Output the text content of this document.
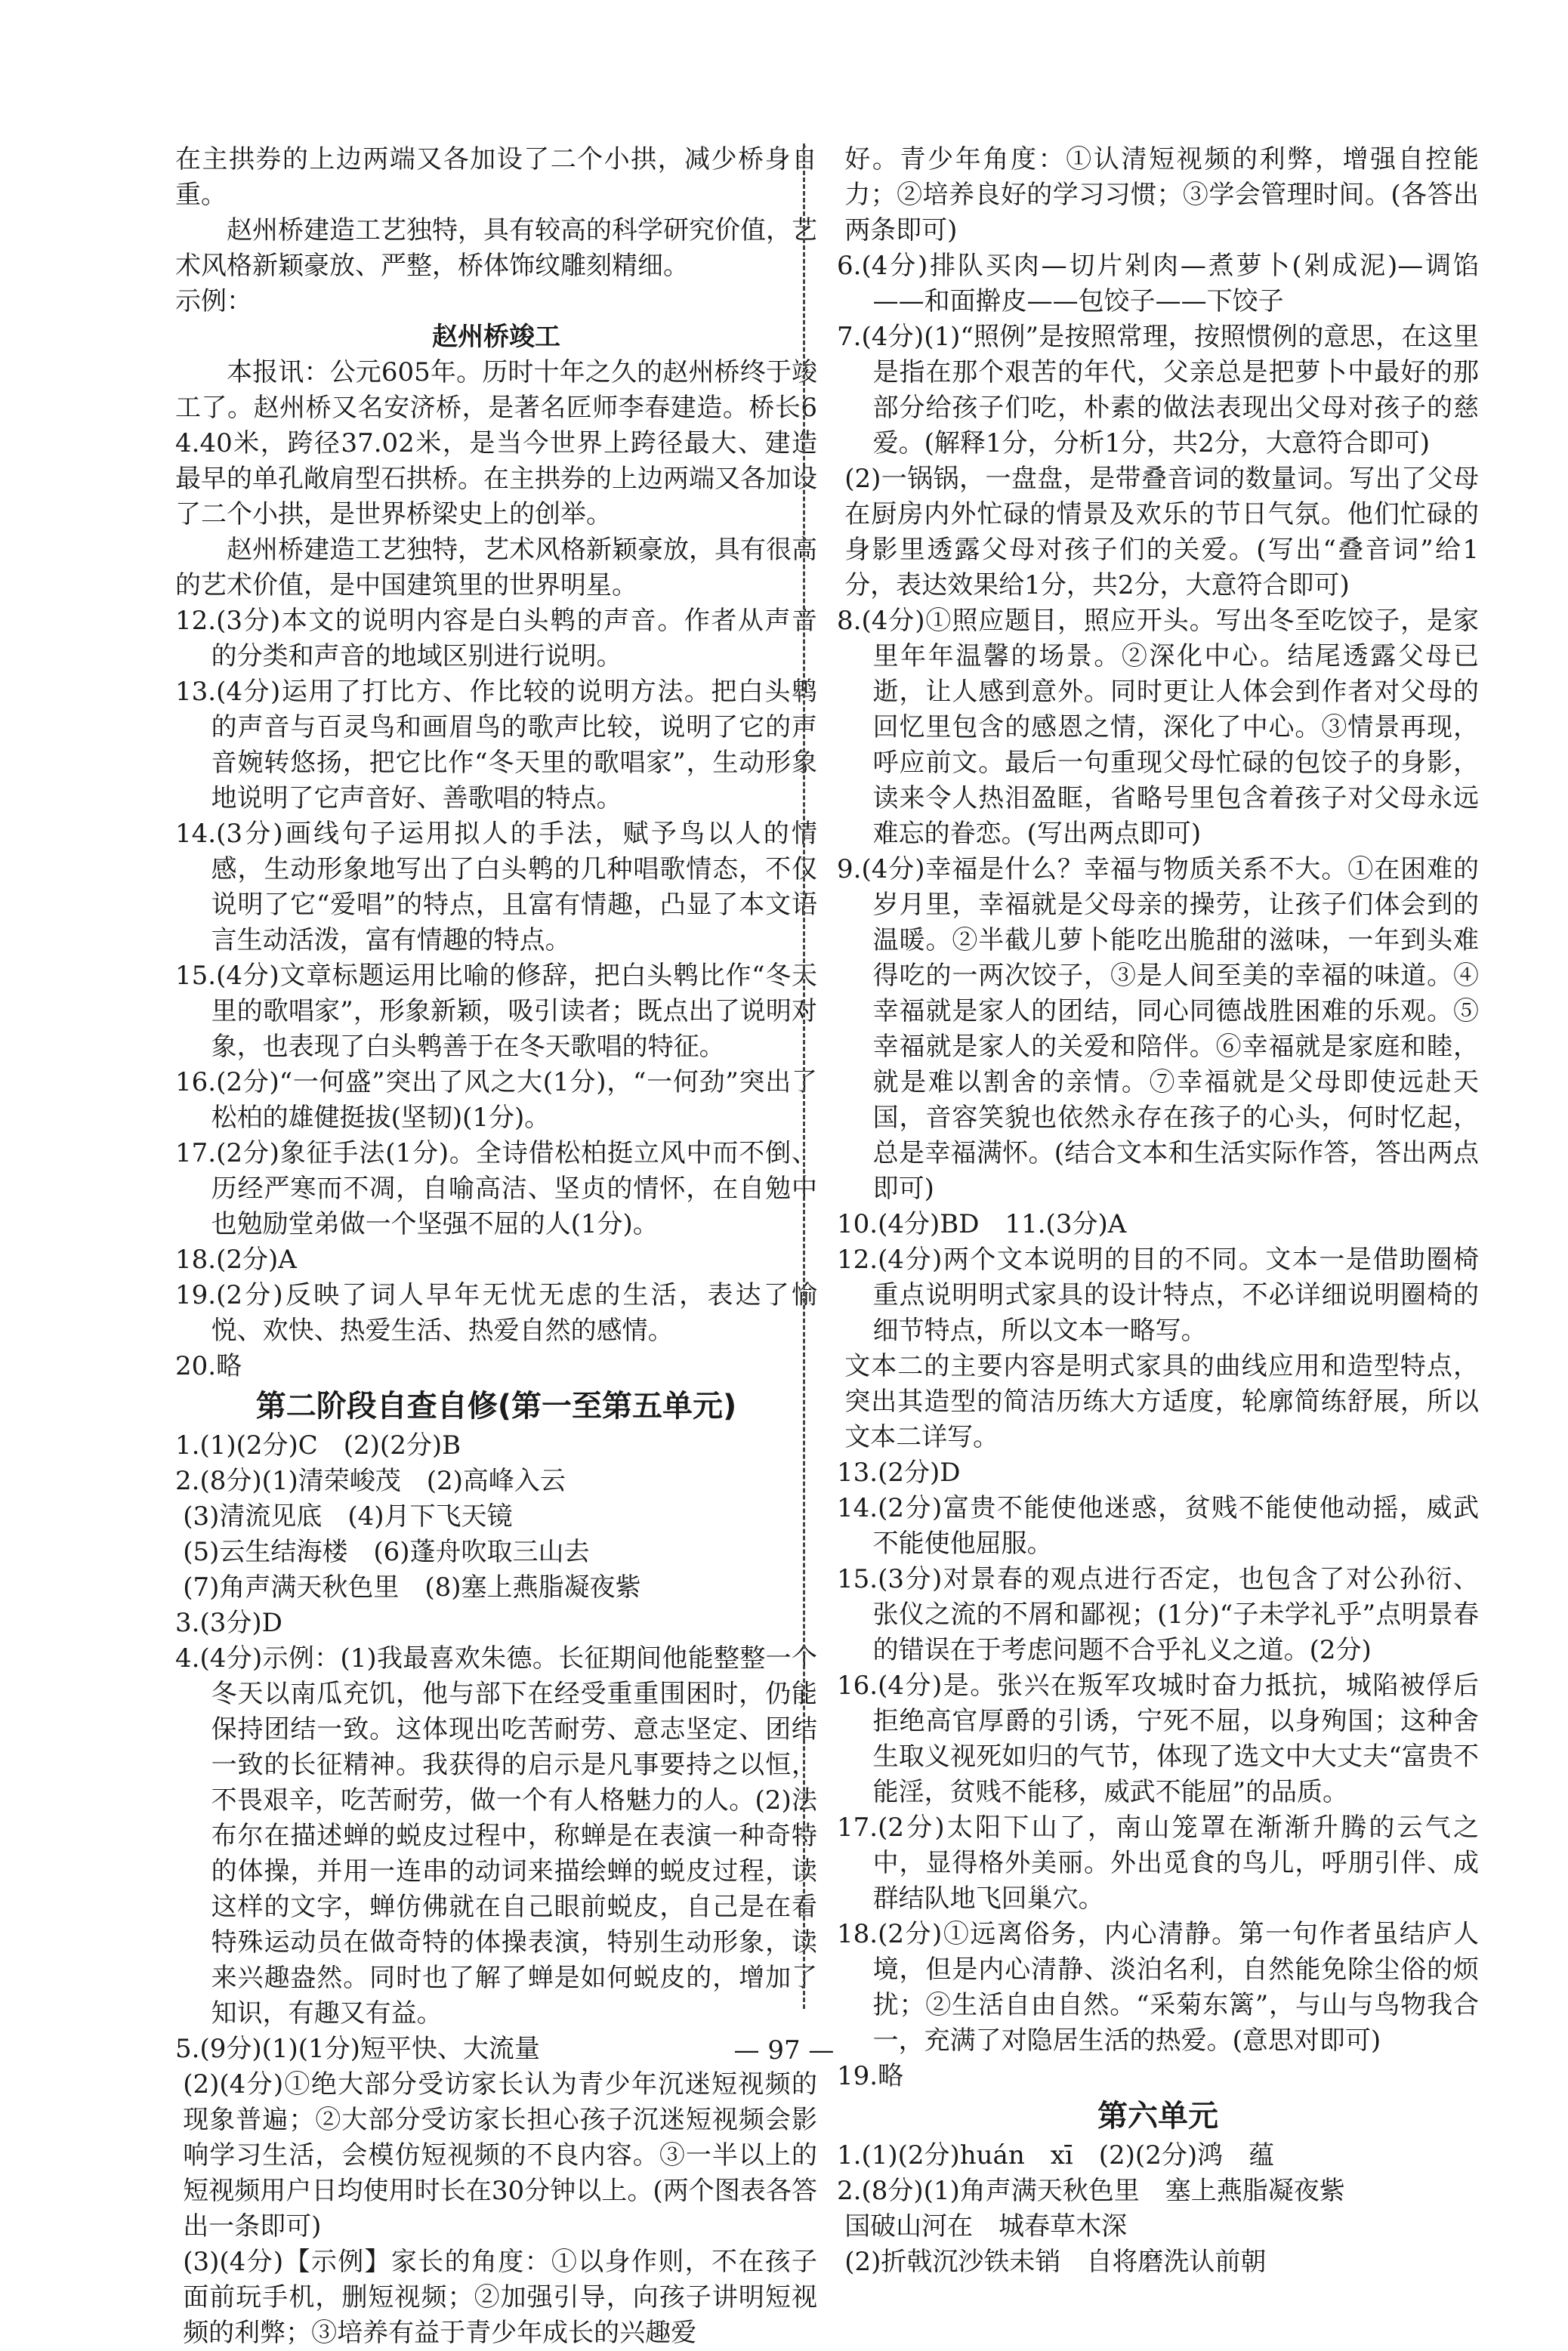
在主拱券的上边两端又各加设了二个小拱，减少桥身自重。

赵州桥建造工艺独特，具有较高的科学研究价值，艺术风格新颖豪放、严整，桥体饰纹雕刻精细。

示例：

赵州桥竣工

本报讯：公元605年。历时十年之久的赵州桥终于竣工了。赵州桥又名安济桥，是著名匠师李春建造。桥长64.40米，跨径37.02米，是当今世界上跨径最大、建造最早的单孔敞肩型石拱桥。在主拱券的上边两端又各加设了二个小拱，是世界桥梁史上的创举。

赵州桥建造工艺独特，艺术风格新颖豪放，具有很高的艺术价值，是中国建筑里的世界明星。

12.(3分)本文的说明内容是白头鹎的声音。作者从声音的分类和声音的地域区别进行说明。

13.(4分)运用了打比方、作比较的说明方法。把白头鹎的声音与百灵鸟和画眉鸟的歌声比较，说明了它的声音婉转悠扬，把它比作“冬天里的歌唱家”，生动形象地说明了它声音好、善歌唱的特点。

14.(3分)画线句子运用拟人的手法，赋予鸟以人的情感，生动形象地写出了白头鹎的几种唱歌情态，不仅说明了它“爱唱”的特点，且富有情趣，凸显了本文语言生动活泼，富有情趣的特点。

15.(4分)文章标题运用比喻的修辞，把白头鹎比作“冬天里的歌唱家”，形象新颖，吸引读者；既点出了说明对象，也表现了白头鹎善于在冬天歌唱的特征。

16.(2分)“一何盛”突出了风之大(1分)，“一何劲”突出了松柏的雄健挺拔(坚韧)(1分)。

17.(2分)象征手法(1分)。全诗借松柏挺立风中而不倒、历经严寒而不凋，自喻高洁、坚贞的情怀，在自勉中也勉励堂弟做一个坚强不屈的人(1分)。

18.(2分)A

19.(2分)反映了词人早年无忧无虑的生活，表达了愉悦、欢快、热爱生活、热爱自然的感情。

20.略

第二阶段自查自修(第一至第五单元)

1.(1)(2分)C　(2)(2分)B

2.(8分)(1)清荣峻茂　(2)高峰入云

(3)清流见底　(4)月下飞天镜

(5)云生结海楼　(6)蓬舟吹取三山去

(7)角声满天秋色里　(8)塞上燕脂凝夜紫

3.(3分)D

4.(4分)示例：(1)我最喜欢朱德。长征期间他能整整一个冬天以南瓜充饥，他与部下在经受重重围困时，仍能保持团结一致。这体现出吃苦耐劳、意志坚定、团结一致的长征精神。我获得的启示是凡事要持之以恒，不畏艰辛，吃苦耐劳，做一个有人格魅力的人。(2)法布尔在描述蝉的蜕皮过程中，称蝉是在表演一种奇特的体操，并用一连串的动词来描绘蝉的蜕皮过程，读这样的文字，蝉仿佛就在自己眼前蜕皮，自己是在看特殊运动员在做奇特的体操表演，特别生动形象，读来兴趣盎然。同时也了解了蝉是如何蜕皮的，增加了知识，有趣又有益。

5.(9分)(1)(1分)短平快、大流量

(2)(4分)①绝大部分受访家长认为青少年沉迷短视频的现象普遍；②大部分受访家长担心孩子沉迷短视频会影响学习生活，会模仿短视频的不良内容。③一半以上的短视频用户日均使用时长在30分钟以上。(两个图表各答出一条即可)

(3)(4分)【示例】家长的角度：①以身作则，不在孩子面前玩手机，删短视频；②加强引导，向孩子讲明短视频的利弊；③培养有益于青少年成长的兴趣爱

好。青少年角度：①认清短视频的利弊，增强自控能力；②培养良好的学习习惯；③学会管理时间。(各答出两条即可)

6.(4分)排队买肉—切片剁肉—煮萝卜(剁成泥)—调馅——和面擀皮——包饺子——下饺子

7.(4分)(1)“照例”是按照常理，按照惯例的意思，在这里是指在那个艰苦的年代，父亲总是把萝卜中最好的那部分给孩子们吃，朴素的做法表现出父母对孩子的慈爱。(解释1分，分析1分，共2分，大意符合即可)

(2)一锅锅，一盘盘，是带叠音词的数量词。写出了父母在厨房内外忙碌的情景及欢乐的节日气氛。他们忙碌的身影里透露父母对孩子们的关爱。(写出“叠音词”给1分，表达效果给1分，共2分，大意符合即可)

8.(4分)①照应题目，照应开头。写出冬至吃饺子，是家里年年温馨的场景。②深化中心。结尾透露父母已逝，让人感到意外。同时更让人体会到作者对父母的回忆里包含的感恩之情，深化了中心。③情景再现，呼应前文。最后一句重现父母忙碌的包饺子的身影，读来令人热泪盈眶，省略号里包含着孩子对父母永远难忘的眷恋。(写出两点即可)

9.(4分)幸福是什么？幸福与物质关系不大。①在困难的岁月里，幸福就是父母亲的操劳，让孩子们体会到的温暖。②半截儿萝卜能吃出脆甜的滋味，一年到头难得吃的一两次饺子，③是人间至美的幸福的味道。④幸福就是家人的团结，同心同德战胜困难的乐观。⑤幸福就是家人的关爱和陪伴。⑥幸福就是家庭和睦，就是难以割舍的亲情。⑦幸福就是父母即使远赴天国，音容笑貌也依然永存在孩子的心头，何时忆起，总是幸福满怀。(结合文本和生活实际作答，答出两点即可)

10.(4分)BD　11.(3分)A

12.(4分)两个文本说明的目的不同。文本一是借助圈椅重点说明明式家具的设计特点，不必详细说明圈椅的细节特点，所以文本一略写。

文本二的主要内容是明式家具的曲线应用和造型特点，突出其造型的简洁历练大方适度，轮廓简练舒展，所以文本二详写。

13.(2分)D

14.(2分)富贵不能使他迷惑，贫贱不能使他动摇，威武不能使他屈服。

15.(3分)对景春的观点进行否定，也包含了对公孙衍、张仪之流的不屑和鄙视；(1分)“子未学礼乎”点明景春的错误在于考虑问题不合乎礼义之道。(2分)

16.(4分)是。张兴在叛军攻城时奋力抵抗，城陷被俘后拒绝高官厚爵的引诱，宁死不屈，以身殉国；这种舍生取义视死如归的气节，体现了选文中大丈夫“富贵不能淫，贫贱不能移，威武不能屈”的品质。

17.(2分)太阳下山了，南山笼罩在渐渐升腾的云气之中，显得格外美丽。外出觅食的鸟儿，呼朋引伴、成群结队地飞回巢穴。

18.(2分)①远离俗务，内心清静。第一句作者虽结庐人境，但是内心清静、淡泊名利，自然能免除尘俗的烦扰；②生活自由自然。“采菊东篱”，与山与鸟物我合一，充满了对隐居生活的热爱。(意思对即可)

19.略

第六单元

1.(1)(2分)huán　xī　(2)(2分)鸿　蕴

2.(8分)(1)角声满天秋色里　塞上燕脂凝夜紫

国破山河在　城春草木深

(2)折戟沉沙铁未销　自将磨洗认前朝

— 97 —
